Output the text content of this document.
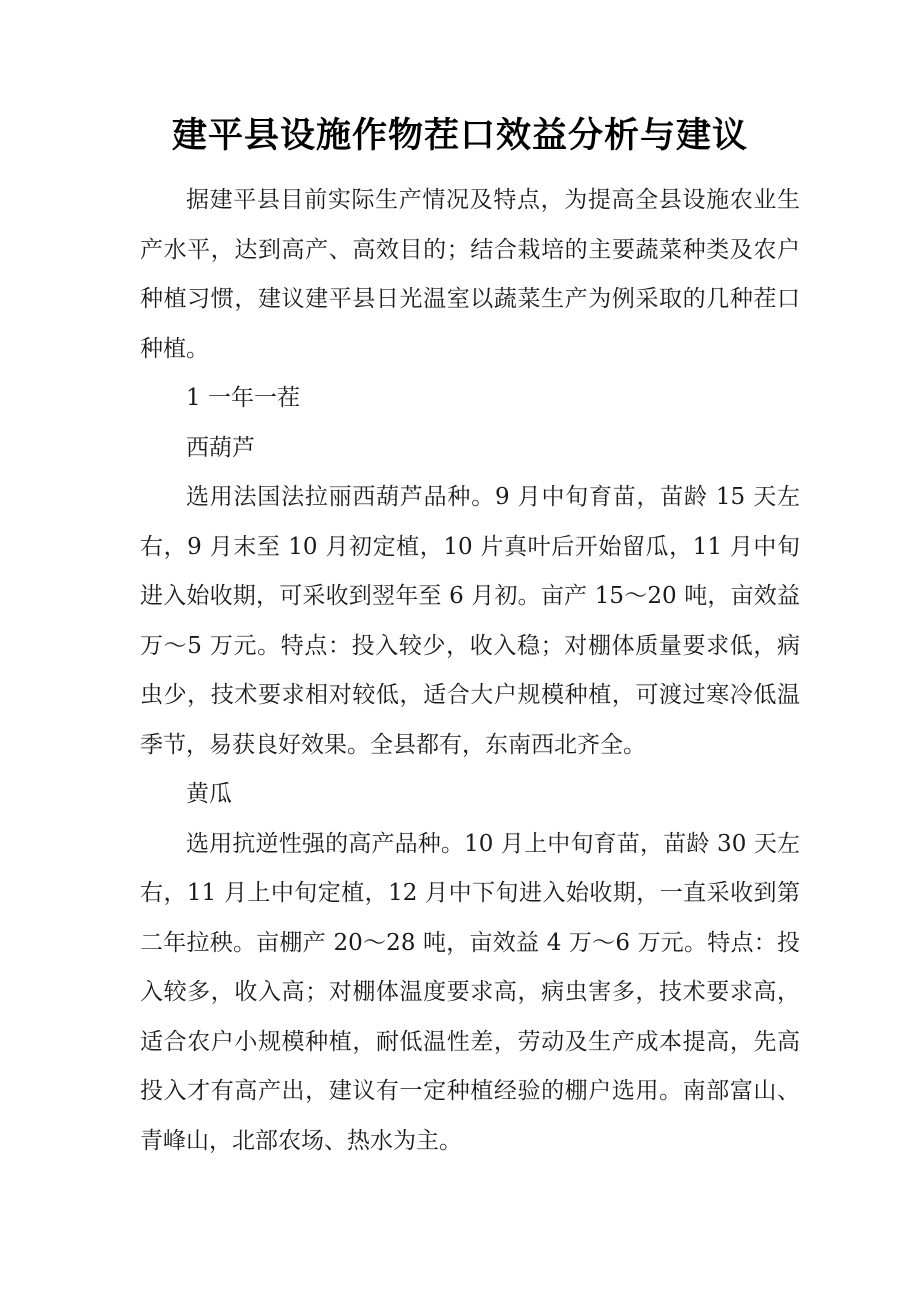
建平县设施作物茬口效益分析与建议

据建平县目前实际生产情况及特点，为提高全县设施农业生产水平，达到高产、高效目的；结合栽培的主要蔬菜种类及农户种植习惯，建议建平县日光温室以蔬菜生产为例采取的几种茬口种植。

1 一年一茬

西葫芦

选用法国法拉丽西葫芦品种。9 月中旬育苗，苗龄 15 天左右，9 月末至 10 月初定植，10 片真叶后开始留瓜，11 月中旬进入始收期，可采收到翌年至 6 月初。亩产 15～20 吨，亩效益万～5 万元。特点：投入较少，收入稳；对棚体质量要求低，病虫少，技术要求相对较低，适合大户规模种植，可渡过寒冷低温季节，易获良好效果。全县都有，东南西北齐全。

黄瓜

选用抗逆性强的高产品种。10 月上中旬育苗，苗龄 30 天左右，11 月上中旬定植，12 月中下旬进入始收期，一直采收到第二年拉秧。亩棚产 20～28 吨，亩效益 4 万～6 万元。特点：投入较多，收入高；对棚体温度要求高，病虫害多，技术要求高，适合农户小规模种植，耐低温性差，劳动及生产成本提高，先高投入才有高产出，建议有一定种植经验的棚户选用。南部富山、青峰山，北部农场、热水为主。
